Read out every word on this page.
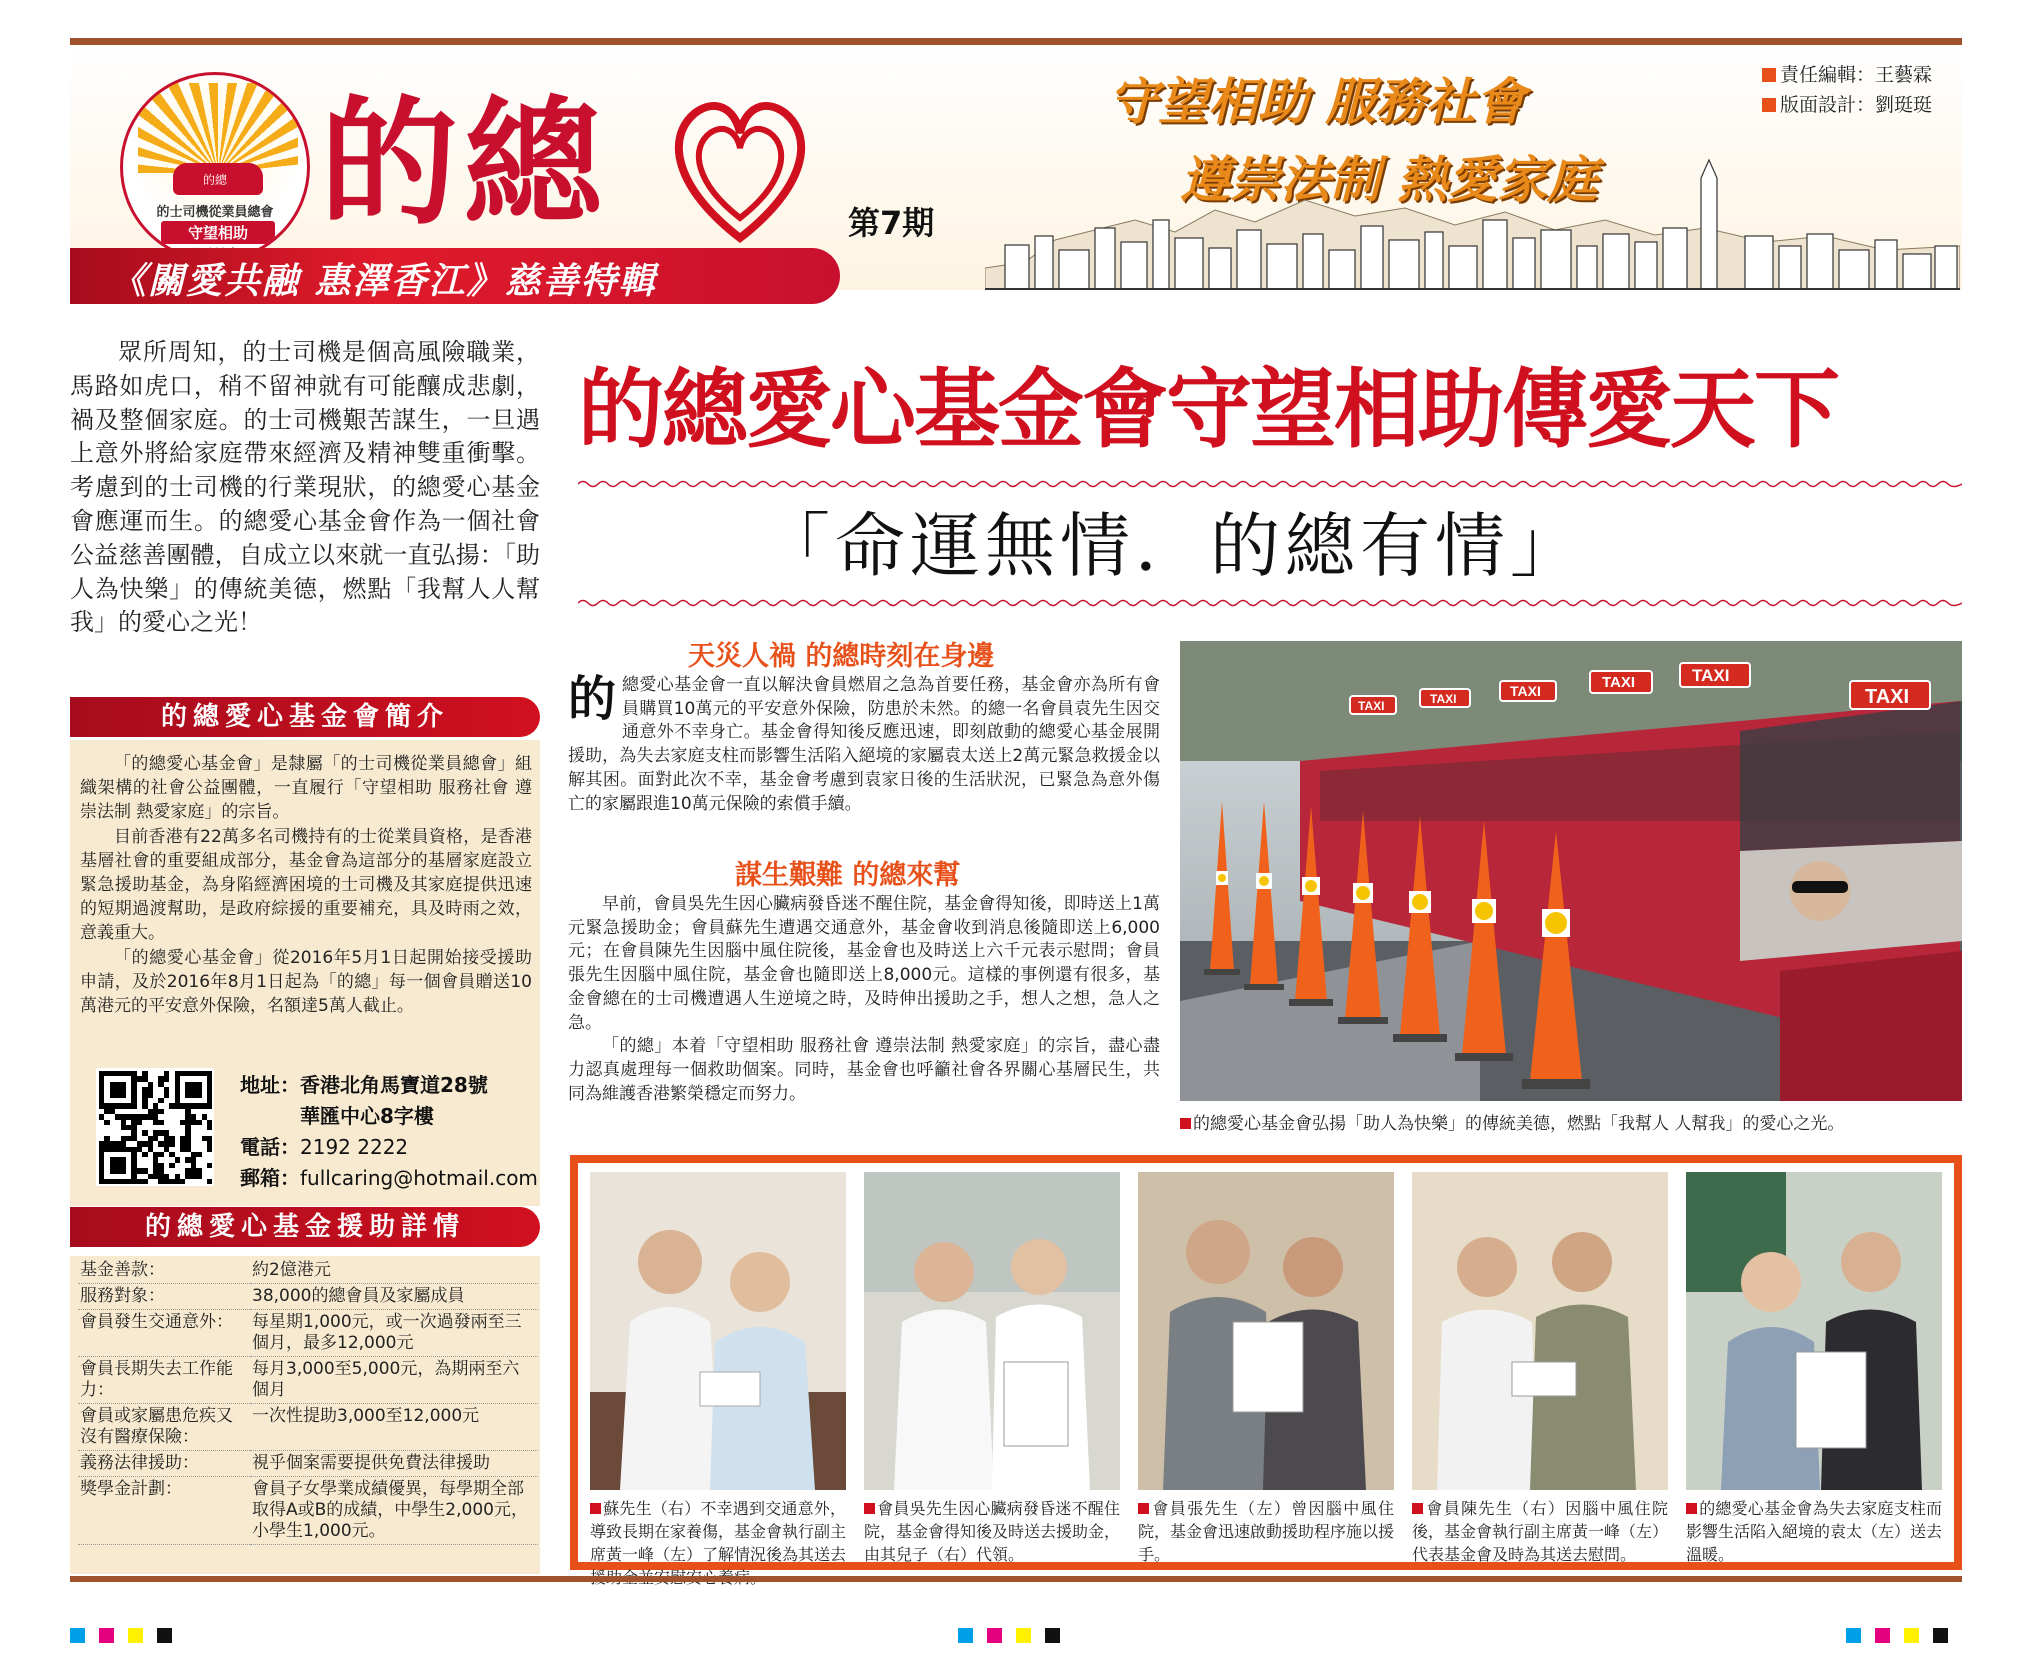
的總
的士司機從業員總會
守望相助 的總	第7期
守望相助 服務社會
遵崇法制 熱愛家庭
責任編輯：王藝霖
版面設計：劉珽珽
《關愛共融 惠澤香江》慈善特輯
眾所周知，的士司機是個高風險職業，馬路如虎口，稍不留神就有可能釀成悲劇，禍及整個家庭。的士司機艱苦謀生，一旦遇上意外將給家庭帶來經濟及精神雙重衝擊。考慮到的士司機的行業現狀，的總愛心基金會應運而生。的總愛心基金會作為一個社會公益慈善團體，自成立以來就一直弘揚：「助人為快樂」的傳統美德，燃點「我幫人人幫我」的愛心之光！
的總愛心基金會守望相助傳愛天下
「命運無情．的總有情」
的總愛心基金會簡介

「的總愛心基金會」是隸屬「的士司機從業員總會」組織架構的社會公益團體，一直履行「守望相助 服務社會 遵崇法制 熱愛家庭」的宗旨。

目前香港有22萬多名司機持有的士從業員資格，是香港基層社會的重要組成部分，基金會為這部分的基層家庭設立緊急援助基金，為身陷經濟困境的士司機及其家庭提供迅速的短期過渡幫助，是政府綜援的重要補充，具及時雨之效，意義重大。

「的總愛心基金會」從2016年5月1日起開始接受援助申請，及於2016年8月1日起為「的總」每一個會員贈送10萬港元的平安意外保險，名額達5萬人截止。

地址：香港北角馬寶道28號
華匯中心8字樓
電話：2192 2222
郵箱：fullcaring@hotmail.com
的總愛心基金援助詳情
基金善款：	約2億港元
服務對象：	38,000的總會員及家屬成員
會員發生交通意外：	每星期1,000元，或一次過發兩至三個月，最多12,000元
會員長期失去工作能力：	每月3,000至5,000元，為期兩至六個月
會員或家屬患危疾又沒有醫療保險：	一次性提助3,000至12,000元
義務法律援助：	視乎個案需要提供免費法律援助
獎學金計劃：	會員子女學業成績優異，每學期全部取得A或B的成績，中學生2,000元，小學生1,000元。
天災人禍 的總時刻在身邊
的總愛心基金會一直以解決會員燃眉之急為首要任務，基金會亦為所有會員購買10萬元的平安意外保險，防患於未然。的總一名會員袁先生因交通意外不幸身亡。基金會得知後反應迅速，即刻啟動的總愛心基金展開援助，為失去家庭支柱而影響生活陷入絕境的家屬袁太送上2萬元緊急救援金以解其困。面對此次不幸，基金會考慮到袁家日後的生活狀況，已緊急為意外傷亡的家屬跟進10萬元保險的索償手續。
謀生艱難 的總來幫

早前，會員吳先生因心臟病發昏迷不醒住院，基金會得知後，即時送上1萬元緊急援助金；會員蘇先生遭遇交通意外，基金會收到消息後隨即送上6,000元；在會員陳先生因腦中風住院後，基金會也及時送上六千元表示慰問；會員張先生因腦中風住院，基金會也隨即送上8,000元。這樣的事例還有很多，基金會總在的士司機遭遇人生逆境之時，及時伸出援助之手，想人之想，急人之急。

「的總」本着「守望相助 服務社會 遵崇法制 熱愛家庭」的宗旨，盡心盡力認真處理每一個救助個案。同時，基金會也呼籲社會各界關心基層民生，共同為維護香港繁榮穩定而努力。

TAXI	TAXI	TAXI	TAXI	TAXI
TAXI
的總愛心基金會弘揚「助人為快樂」的傳統美德，燃點「我幫人 人幫我」的愛心之光。
蘇先生（右）不幸遇到交通意外，導致長期在家養傷，基金會執行副主席黃一峰（左）了解情況後為其送去
會員吳先生因心臟病發昏迷不醒住院，基金會得知後及時送去援助金，由其兒子（右）代領。
會員張先生（左）曾因腦中風住院，基金會迅速啟動援助程序施以援手。
會員陳先生（右）因腦中風住院後，基金會執行副主席黃一峰（左）代表基金會及時為其送去慰問。
的總愛心基金會為失去家庭支柱而影響生活陷入絕境的袁太（左）送去溫暖。
